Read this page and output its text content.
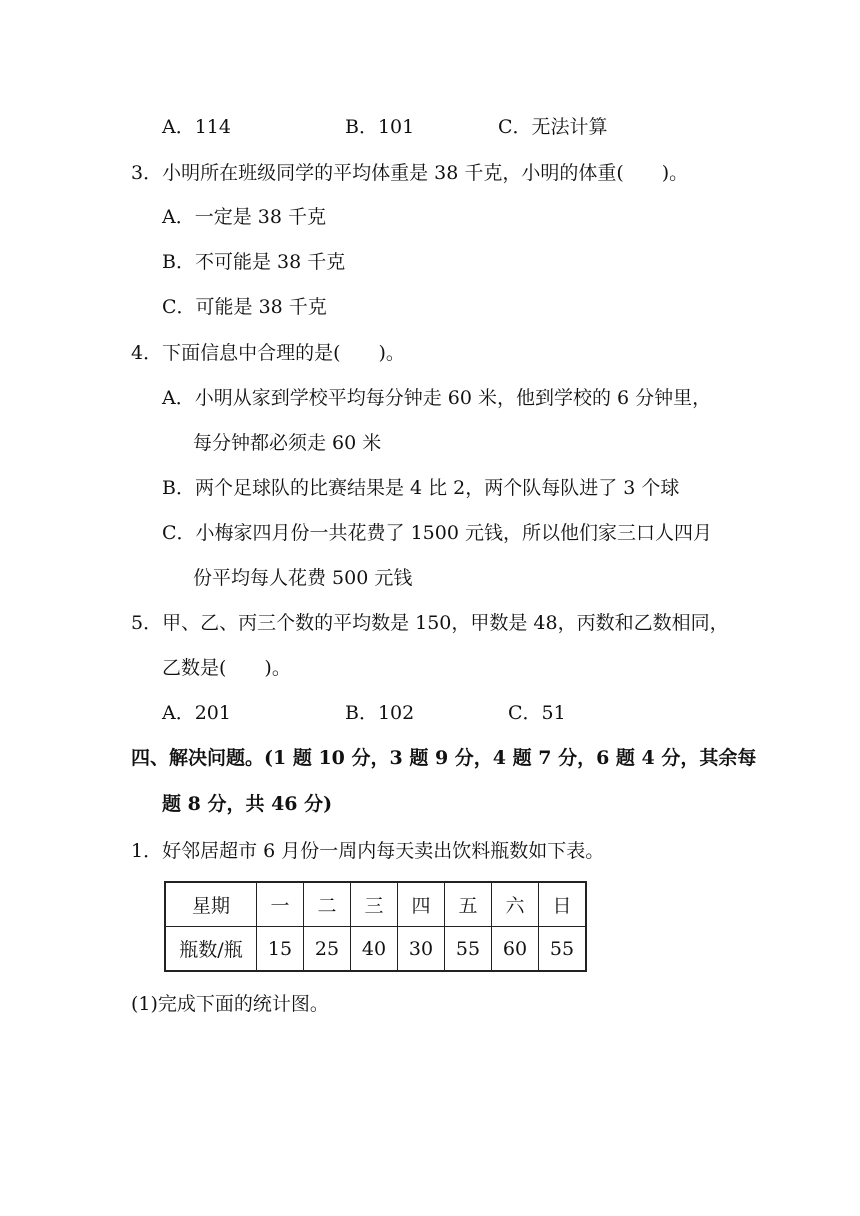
A．114	B．101	C．无法计算
3．小明所在班级同学的平均体重是 38 千克，小明的体重(　　)。
A．一定是 38 千克
B．不可能是 38 千克
C．可能是 38 千克
4．下面信息中合理的是(　　)。
A．小明从家到学校平均每分钟走 60 米，他到学校的 6 分钟里，
每分钟都必须走 60 米
B．两个足球队的比赛结果是 4 比 2，两个队每队进了 3 个球
C．小梅家四月份一共花费了 1500 元钱，所以他们家三口人四月
份平均每人花费 500 元钱
5．甲、乙、丙三个数的平均数是 150，甲数是 48，丙数和乙数相同，
乙数是(　　)。
A．201	B．102	C．51
四、解决问题。(1 题 10 分，3 题 9 分，4 题 7 分，6 题 4 分，其余每
题 8 分，共 46 分)
1．好邻居超市 6 月份一周内每天卖出饮料瓶数如下表。
星期	一	二	三	四	五	六	日
瓶数/瓶	15	25	40	30	55	60	55
(1)完成下面的统计图。
